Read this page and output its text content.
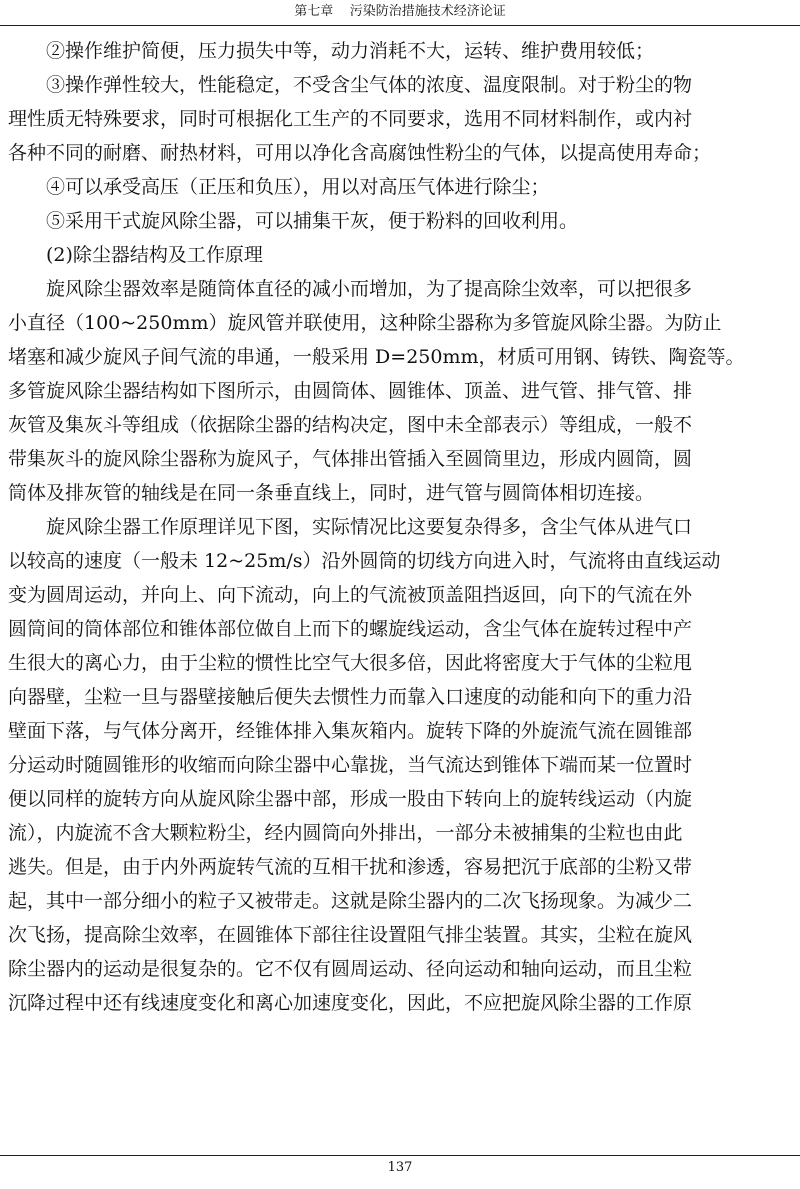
第七章    污染防治措施技术经济论证
②操作维护简便，压力损失中等，动力消耗不大，运转、维护费用较低；
③操作弹性较大，性能稳定，不受含尘气体的浓度、温度限制。对于粉尘的物
理性质无特殊要求，同时可根据化工生产的不同要求，选用不同材料制作，或内衬
各种不同的耐磨、耐热材料，可用以净化含高腐蚀性粉尘的气体，以提高使用寿命；
④可以承受高压（正压和负压），用以对高压气体进行除尘；
⑤采用干式旋风除尘器，可以捕集干灰，便于粉料的回收利用。
(2)除尘器结构及工作原理
旋风除尘器效率是随筒体直径的减小而增加，为了提高除尘效率，可以把很多
小直径（100~250mm）旋风管并联使用，这种除尘器称为多管旋风除尘器。为防止
堵塞和减少旋风子间气流的串通，一般采用 D=250mm，材质可用钢、铸铁、陶瓷等。
多管旋风除尘器结构如下图所示，由圆筒体、圆锥体、顶盖、进气管、排气管、排
灰管及集灰斗等组成（依据除尘器的结构决定，图中未全部表示）等组成，一般不
带集灰斗的旋风除尘器称为旋风子，气体排出管插入至圆筒里边，形成内圆筒，圆
筒体及排灰管的轴线是在同一条垂直线上，同时，进气管与圆筒体相切连接。
旋风除尘器工作原理详见下图，实际情况比这要复杂得多，含尘气体从进气口
以较高的速度（一般未 12~25m/s）沿外圆筒的切线方向进入时，气流将由直线运动
变为圆周运动，并向上、向下流动，向上的气流被顶盖阻挡返回，向下的气流在外
圆筒间的筒体部位和锥体部位做自上而下的螺旋线运动，含尘气体在旋转过程中产
生很大的离心力，由于尘粒的惯性比空气大很多倍，因此将密度大于气体的尘粒甩
向器壁，尘粒一旦与器壁接触后便失去惯性力而靠入口速度的动能和向下的重力沿
壁面下落，与气体分离开，经锥体排入集灰箱内。旋转下降的外旋流气流在圆锥部
分运动时随圆锥形的收缩而向除尘器中心靠拢，当气流达到锥体下端而某一位置时
便以同样的旋转方向从旋风除尘器中部，形成一股由下转向上的旋转线运动（内旋
流），内旋流不含大颗粒粉尘，经内圆筒向外排出，一部分未被捕集的尘粒也由此
逃失。但是，由于内外两旋转气流的互相干扰和渗透，容易把沉于底部的尘粉又带
起，其中一部分细小的粒子又被带走。这就是除尘器内的二次飞扬现象。为减少二
次飞扬，提高除尘效率，在圆锥体下部往往设置阻气排尘装置。其实，尘粒在旋风
除尘器内的运动是很复杂的。它不仅有圆周运动、径向运动和轴向运动，而且尘粒
沉降过程中还有线速度变化和离心加速度变化，因此，不应把旋风除尘器的工作原
137
